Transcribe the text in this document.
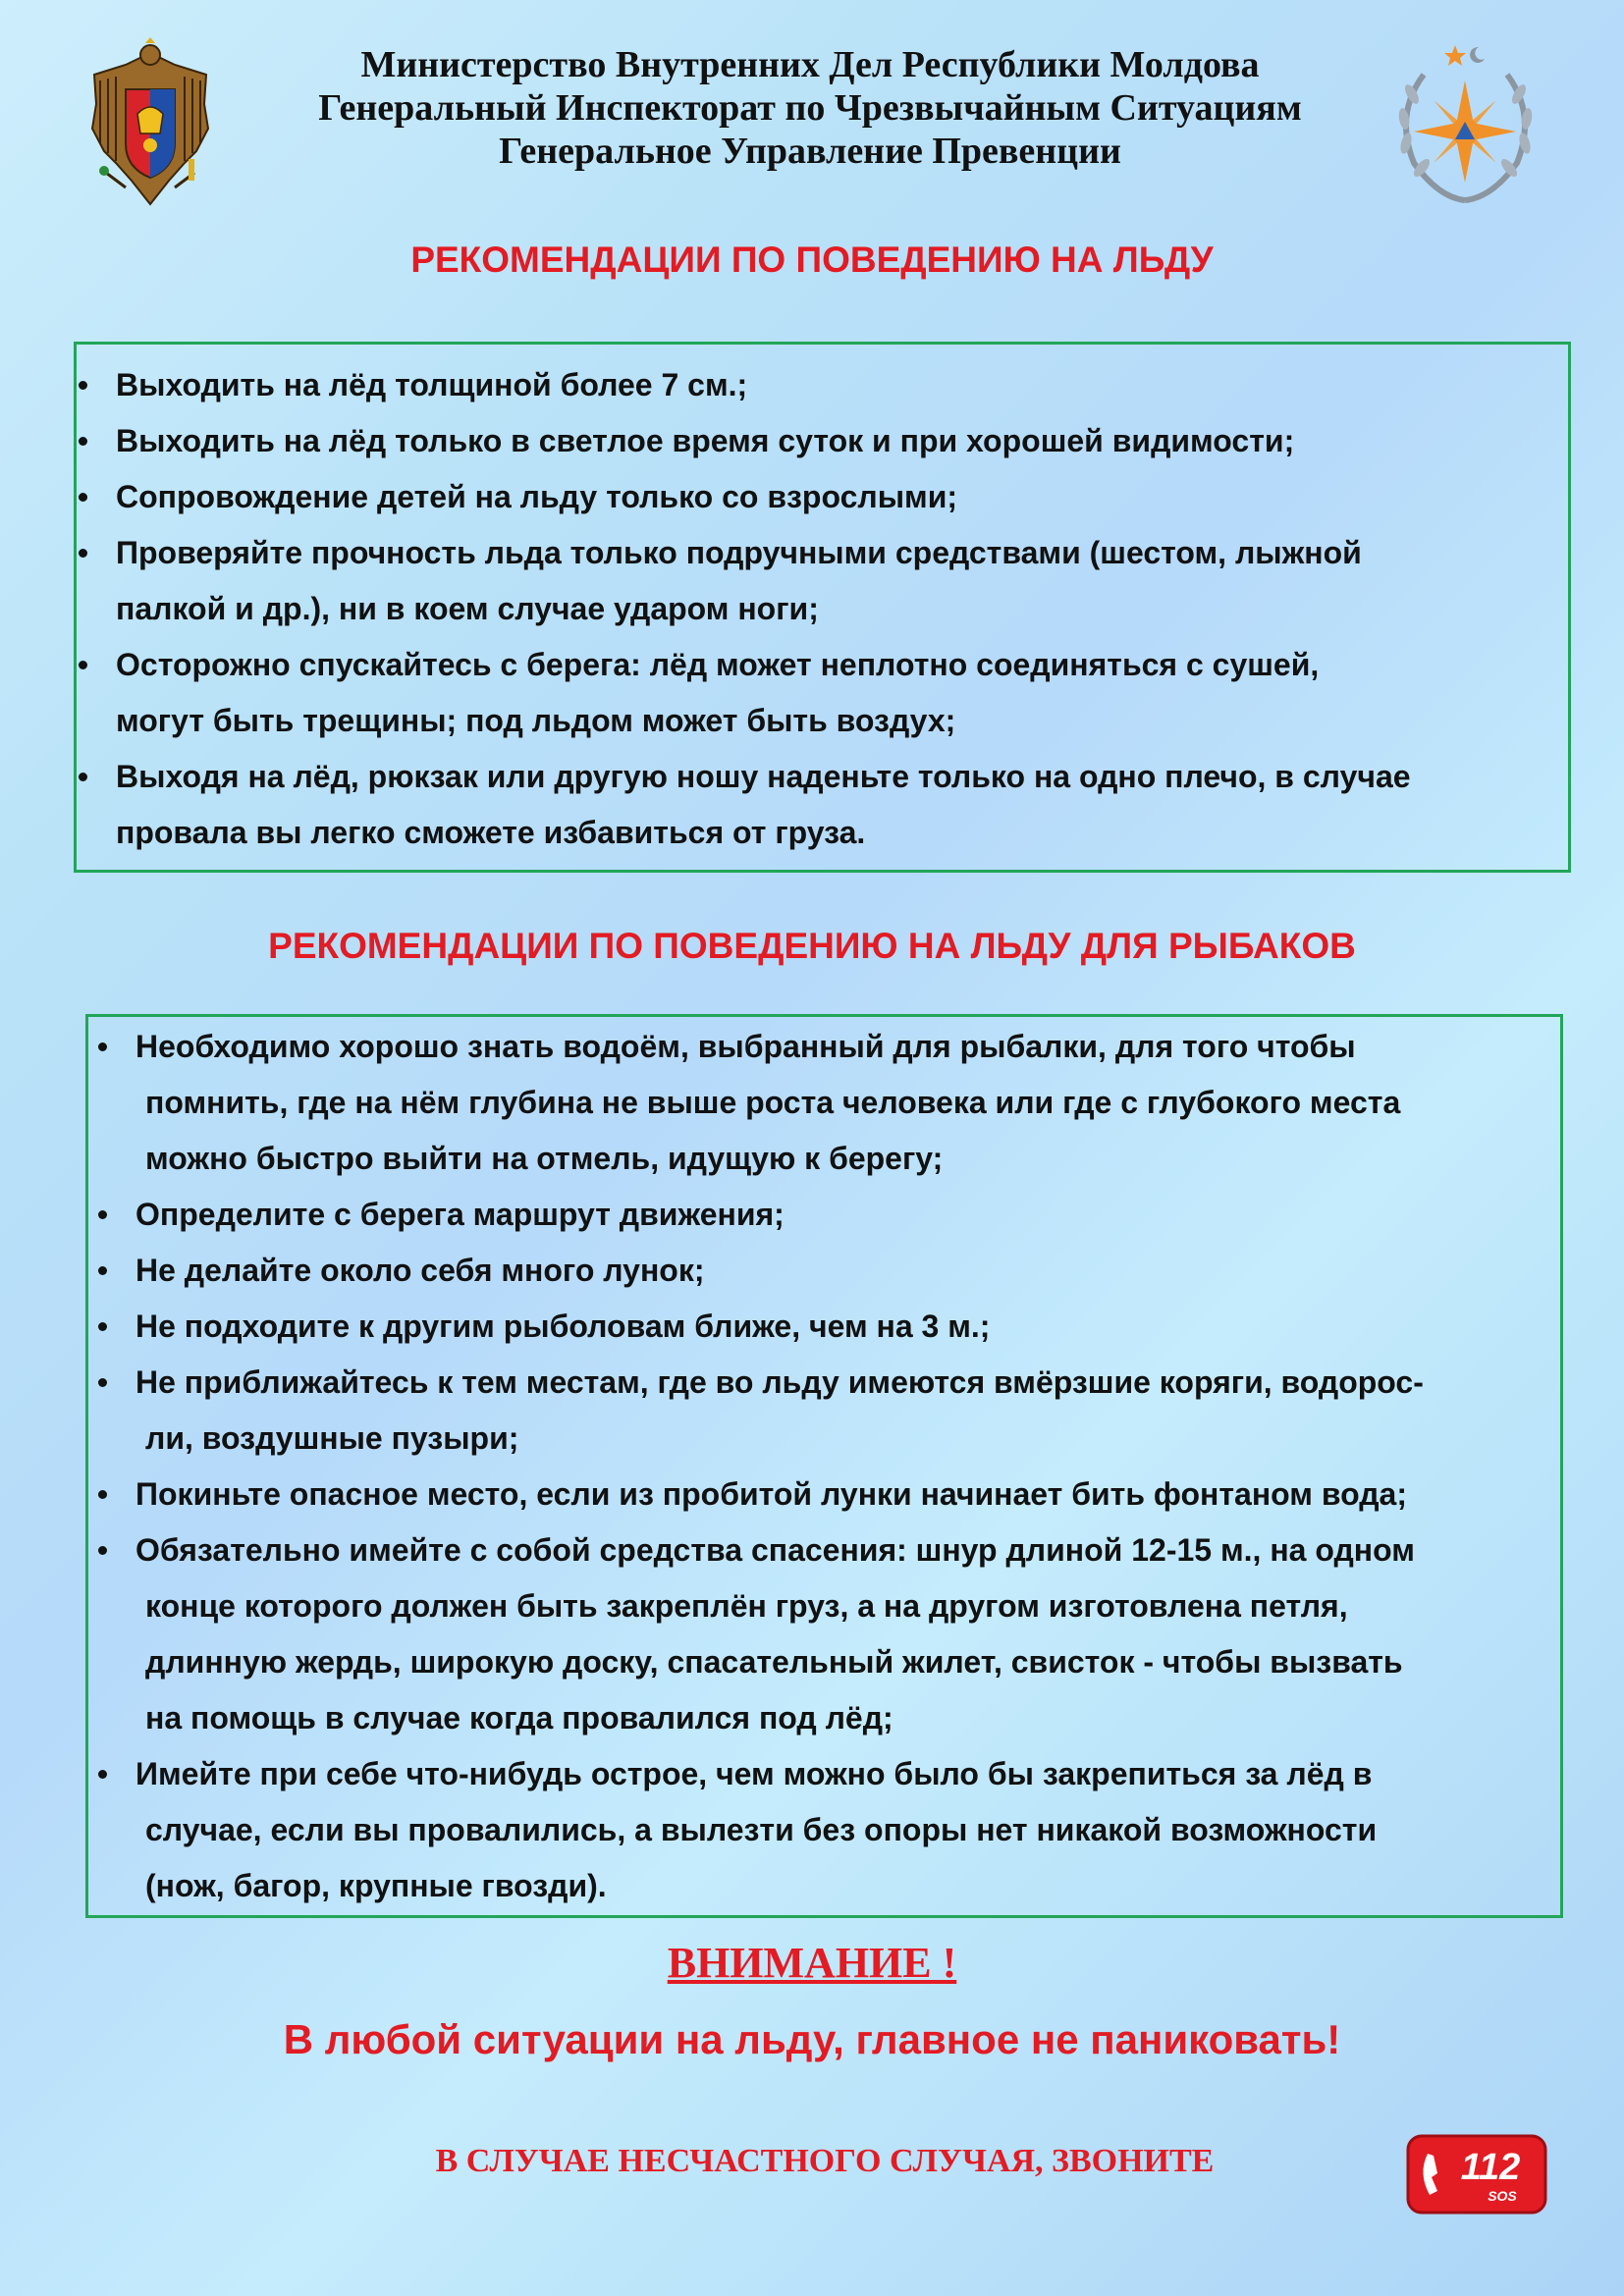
Министерство Внутренних Дел Республики Молдова
Генеральный Инспекторат по Чрезвычайным Ситуациям
Генеральное Управление Превенции
РЕКОМЕНДАЦИИ ПО ПОВЕДЕНИЮ НА ЛЬДУ
Выходить на лёд толщиной более 7 см.;
Выходить на лёд только в светлое время суток и при хорошей видимости;
Сопровождение детей на льду только со взрослыми;
Проверяйте прочность льда только подручными средствами (шестом, лыжной
палкой и др.), ни в коем случае ударом ноги;
Осторожно спускайтесь с берега: лёд может неплотно соединяться с сушей,
могут быть трещины; под льдом может быть воздух;
Выходя на лёд, рюкзак или другую ношу наденьте только на одно плечо, в случае
провала вы легко сможете избавиться от груза.
РЕКОМЕНДАЦИИ ПО ПОВЕДЕНИЮ НА ЛЬДУ ДЛЯ РЫБАКОВ
Необходимо хорошо знать водоём, выбранный для рыбалки, для того чтобы
помнить, где на нём глубина не выше роста человека или где с глубокого места
можно быстро выйти на отмель, идущую к берегу;
Определите с берега маршрут движения;
Не делайте около себя много лунок;
Не подходите к другим рыболовам ближе, чем на 3 м.;
Не приближайтесь к тем местам, где во льду имеются вмёрзшие коряги, водорос-
ли, воздушные пузыри;
Покиньте опасное место, если из пробитой лунки начинает бить фонтаном вода;
Обязательно имейте с собой средства спасения: шнур длиной 12-15 м., на одном
конце которого должен быть закреплён груз, а на другом изготовлена петля,
длинную жердь, широкую доску, спасательный жилет, свисток - чтобы вызвать
на помощь в случае когда провалился под лёд;
Имейте при себе что-нибудь острое, чем можно было бы закрепиться за лёд в
случае, если вы провалились, а вылезти без опоры нет никакой возможности
(нож, багор, крупные гвозди).
ВНИМАНИЕ !
В любой ситуации на льду, главное не паниковать!
В СЛУЧАЕ НЕСЧАСТНОГО СЛУЧАЯ, ЗВОНИТЕ	112
SOS
